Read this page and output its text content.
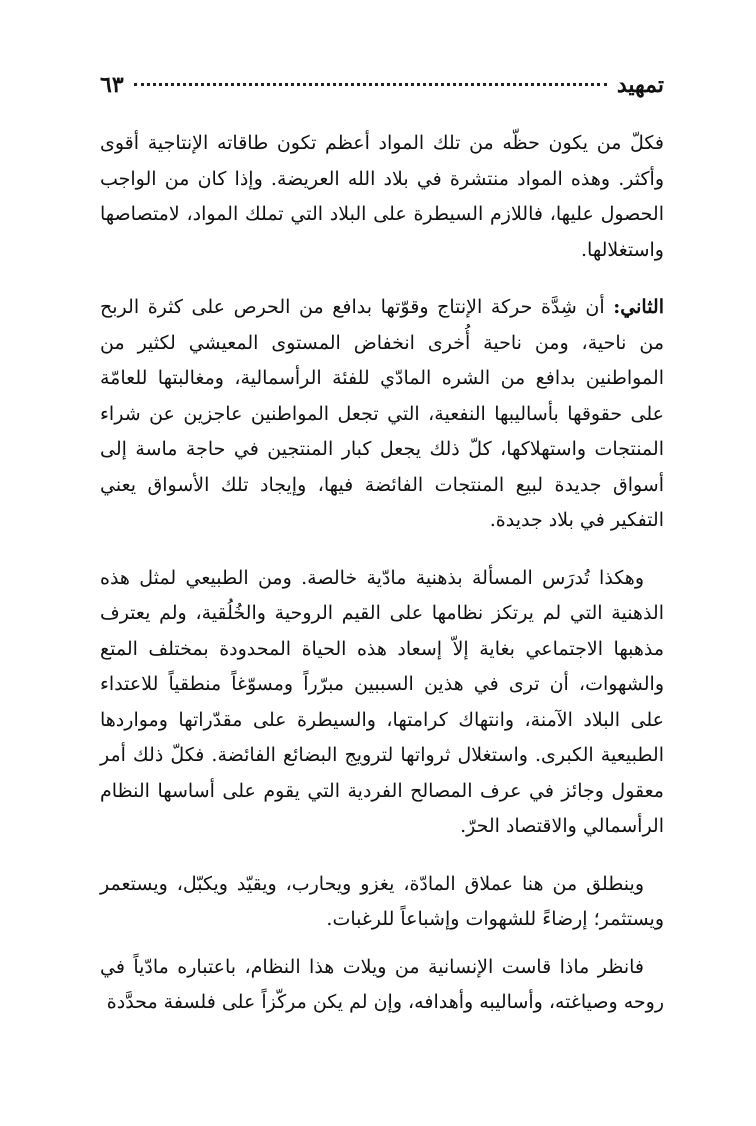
تمهيد
٦٣

فكلّ من يكون حظّه من تلك المواد أعظم تكون طاقاته الإنتاجية أقوى وأكثر. وهذه المواد منتشرة في بلاد الله العريضة. وإذا كان من الواجب الحصول عليها، فاللازم السيطرة على البلاد التي تملك المواد، لامتصاصها واستغلالها.

الثاني: أن شِدَّة حركة الإنتاج وقوّتها بدافع من الحرص على كثرة الربح من ناحية، ومن ناحية أُخرى انخفاض المستوى المعيشي لكثير من المواطنين بدافع من الشره المادّي للفئة الرأسمالية، ومغالبتها للعامّة على حقوقها بأساليبها النفعية، التي تجعل المواطنين عاجزين عن شراء المنتجات واستهلاكها، كلّ ذلك يجعل كبار المنتجين في حاجة ماسة إلى أسواق جديدة لبيع المنتجات الفائضة فيها، وإيجاد تلك الأسواق يعني التفكير في بلاد جديدة.

وهكذا تُدرَس المسألة بذهنية مادّية خالصة. ومن الطبيعي لمثل هذه الذهنية التي لم يرتكز نظامها على القيم الروحية والخُلُقية، ولم يعترف مذهبها الاجتماعي بغاية إلاّ إسعاد هذه الحياة المحدودة بمختلف المتع والشهوات، أن ترى في هذين السببين مبرّراً ومسوّغاً منطقياً للاعتداء على البلاد الآمنة، وانتهاك كرامتها، والسيطرة على مقدّراتها ومواردها الطبيعية الكبرى. واستغلال ثرواتها لترويج البضائع الفائضة. فكلّ ذلك أمر معقول وجائز في عرف المصالح الفردية التي يقوم على أساسها النظام الرأسمالي والاقتصاد الحرّ.

وينطلق من هنا عملاق المادّة، يغزو ويحارب، ويقيّد ويكبّل، ويستعمر ويستثمر؛ إرضاءً للشهوات وإشباعاً للرغبات.

فانظر ماذا قاست الإنسانية من ويلات هذا النظام، باعتباره مادّياً في روحه وصياغته، وأساليبه وأهدافه، وإن لم يكن مركّزاً على فلسفة محدَّدة
